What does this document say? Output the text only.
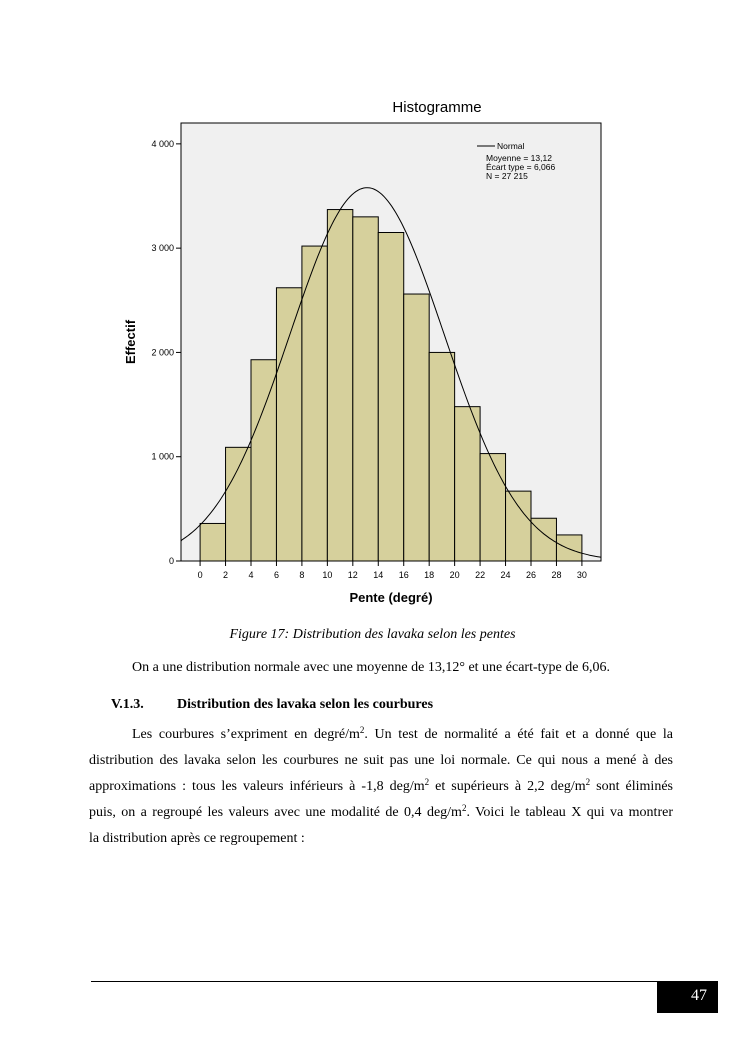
Histogramme
0
1 000
2 000
3 000
4 000
0 2 4 6 8 10 12 14 16 18 20 22 24 26 28 30
Effectif
Pente (degré)
Normal
Moyenne = 13,12
Écart type = 6,066
N = 27 215
Figure 17: Distribution des lavaka selon les pentes
On a une distribution normale avec une moyenne de 13,12° et une écart-type de 6,06.
V.1.3. Distribution des lavaka selon les courbures
Les courbures s’expriment en degré/$m^2$. Un test de normalité a été fait et a donné que la
distribution des lavaka selon les courbures ne suit pas une loi normale. Ce qui nous a mené à des
approximations : tous les valeurs inférieurs à -1,8 deg/$m^2$ et supérieurs à 2,2 deg/$m^2$ sont éliminés
puis, on a regroupé les valeurs avec une modalité de 0,4 deg/$m^2$. Voici le tableau X qui va montrer
la distribution après ce regroupement :
47
